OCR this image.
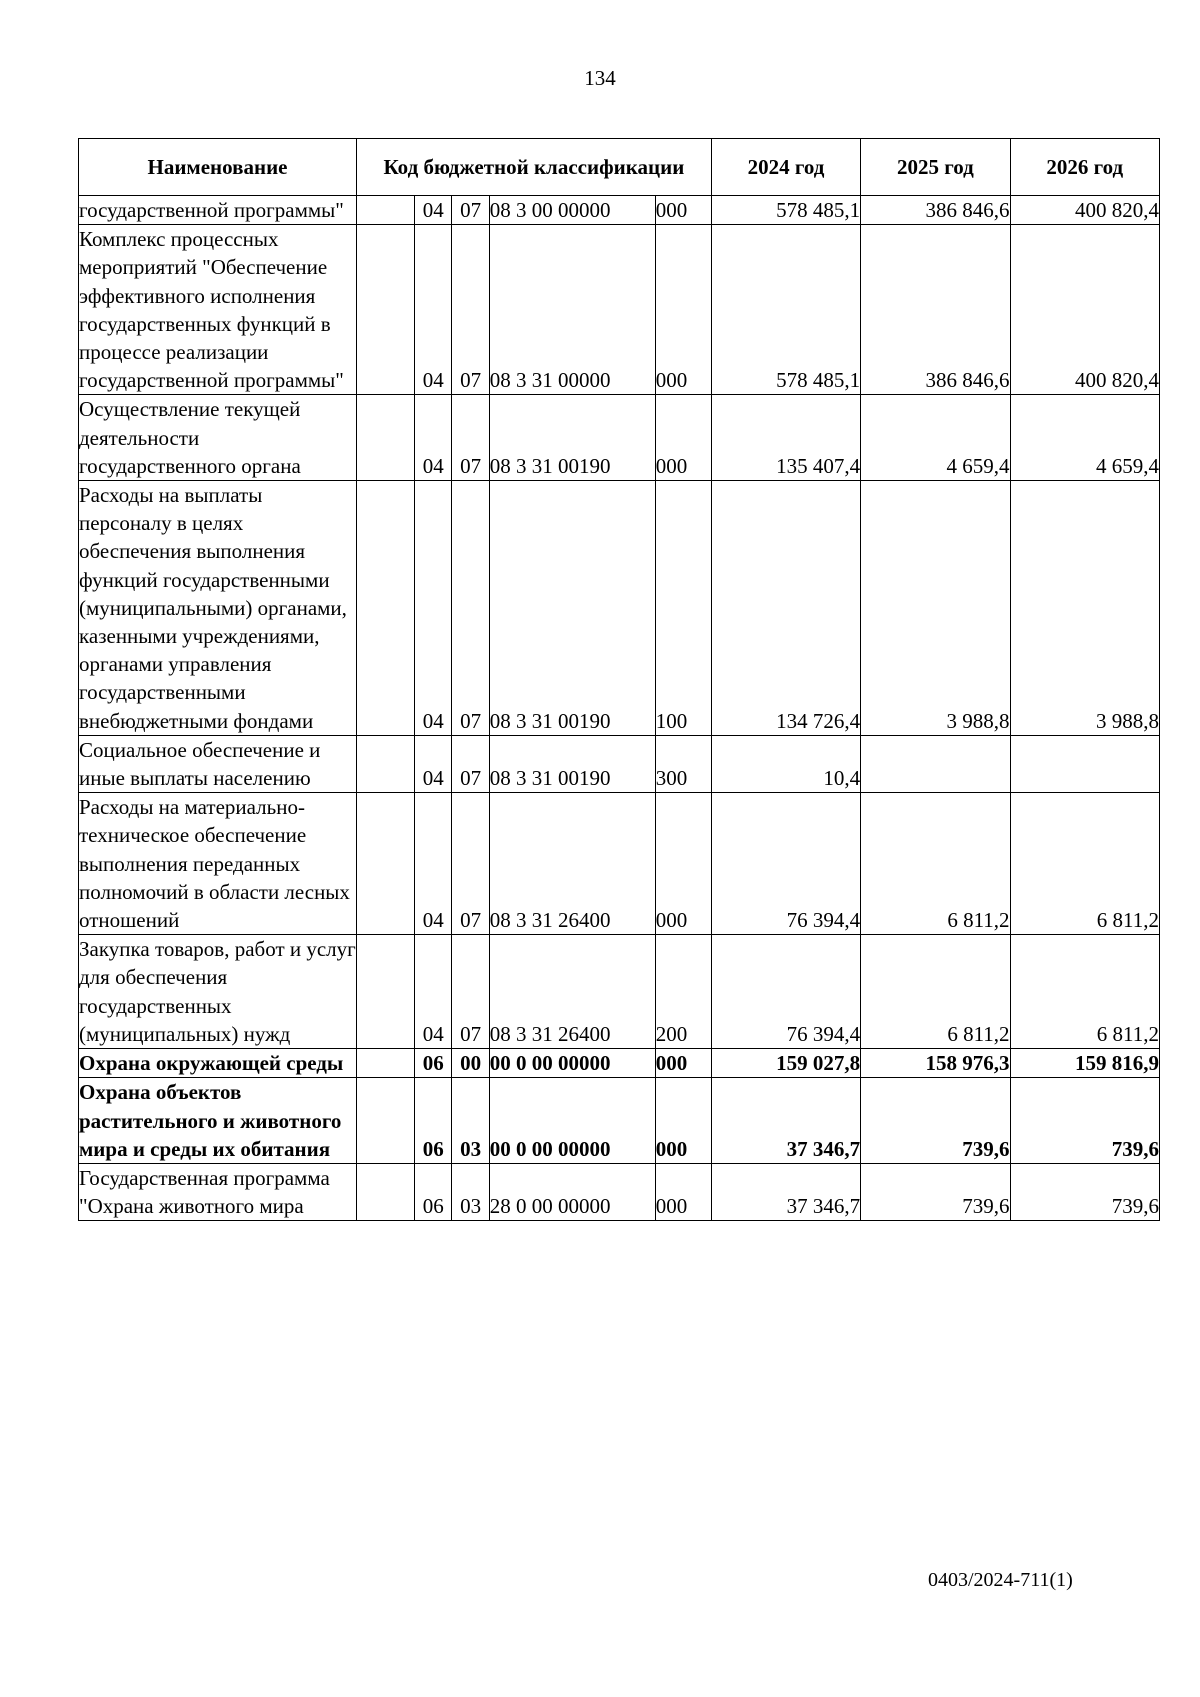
134
Наименование	Код бюджетной классификации					2024 год	2025 год	2026 год
государственной программы"		04	07	08 3 00 00000	000	578 485,1	386 846,6	400 820,4
Комплекс процессных мероприятий "Обеспечение эффективного исполнения государственных функций в процессе реализации государственной программы"		04	07	08 3 31 00000	000	578 485,1	386 846,6	400 820,4
Осуществление текущей деятельности государственного органа		04	07	08 3 31 00190	000	135 407,4	4 659,4	4 659,4
Расходы на выплаты персоналу в целях обеспечения выполнения функций государственными (муниципальными) органами, казенными учреждениями, органами управления государственными внебюджетными фондами		04	07	08 3 31 00190	100	134 726,4	3 988,8	3 988,8
Социальное обеспечение и иные выплаты населению		04	07	08 3 31 00190	300	10,4		
Расходы на материально-техническое обеспечение выполнения переданных полномочий в области лесных отношений		04	07	08 3 31 26400	000	76 394,4	6 811,2	6 811,2
Закупка товаров, работ и услуг для обеспечения государственных (муниципальных) нужд		04	07	08 3 31 26400	200	76 394,4	6 811,2	6 811,2
Охрана окружающей среды		06	00	00 0 00 00000	000	159 027,8	158 976,3	159 816,9
Охрана объектов растительного и животного мира и среды их обитания		06	03	00 0 00 00000	000	37 346,7	739,6	739,6
Государственная программа "Охрана животного мира		06	03	28 0 00 00000	000	37 346,7	739,6	739,6
0403/2024-711(1)
